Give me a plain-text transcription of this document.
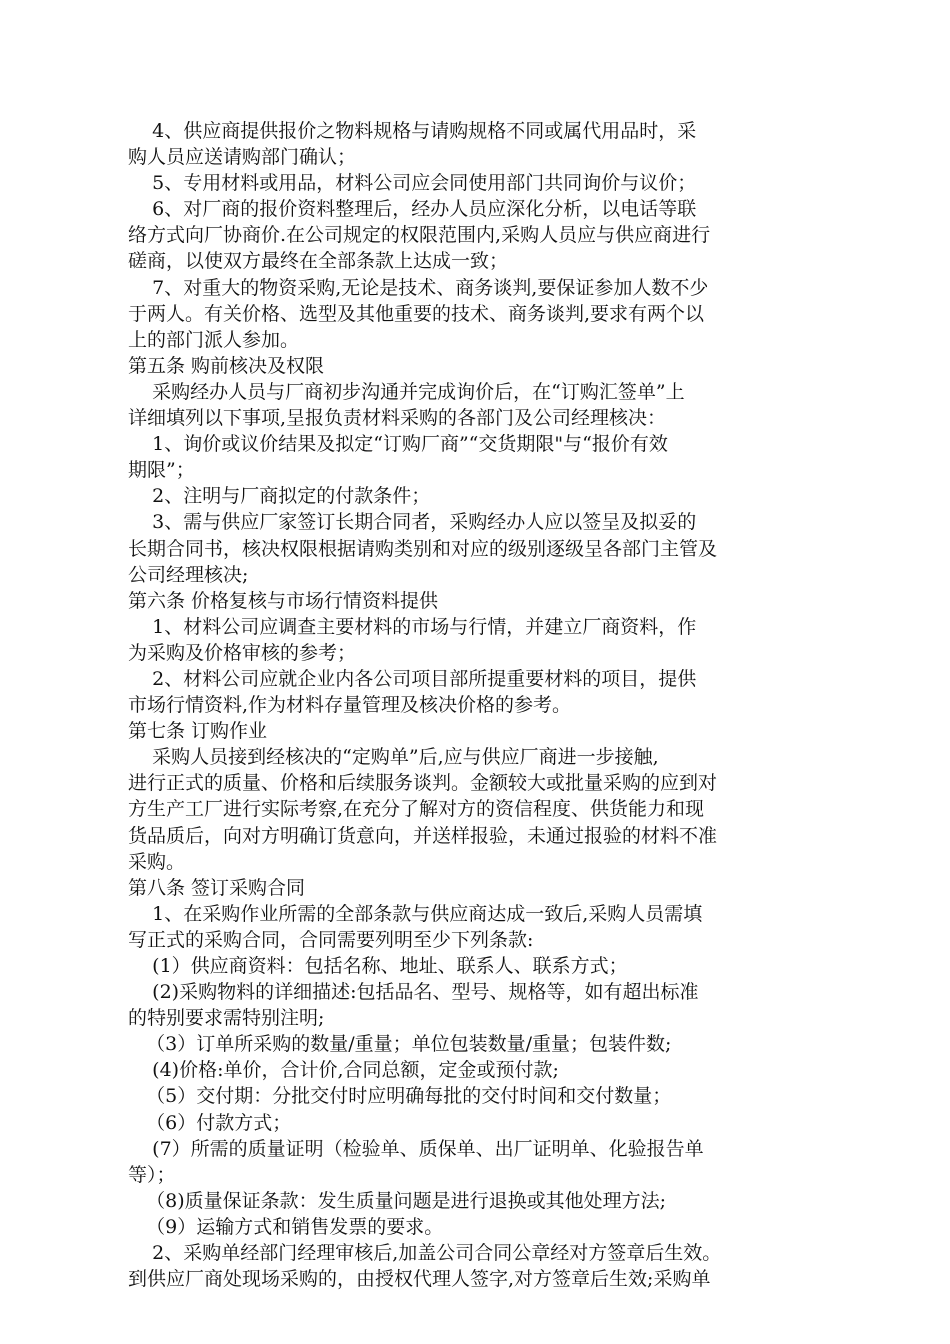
4、供应商提供报价之物料规格与请购规格不同或属代用品时，采
购人员应送请购部门确认；
5、专用材料或用品，材料公司应会同使用部门共同询价与议价；
6、对厂商的报价资料整理后，经办人员应深化分析，以电话等联
络方式向厂协商价.在公司规定的权限范围内,采购人员应与供应商进行
磋商，以使双方最终在全部条款上达成一致；
7、对重大的物资采购,无论是技术、商务谈判,要保证参加人数不少
于两人。有关价格、选型及其他重要的技术、商务谈判,要求有两个以
上的部门派人参加。
第五条 购前核决及权限
采购经办人员与厂商初步沟通并完成询价后，在“订购汇签单”上
详细填列以下事项,呈报负责材料采购的各部门及公司经理核决：
1、询价或议价结果及拟定“订购厂商”“交货期限"与“报价有效
期限”；
2、注明与厂商拟定的付款条件；
3、需与供应厂家签订长期合同者，采购经办人应以签呈及拟妥的
长期合同书，核决权限根据请购类别和对应的级别逐级呈各部门主管及
公司经理核决;
第六条 价格复核与市场行情资料提供
1、材料公司应调查主要材料的市场与行情，并建立厂商资料，作
为采购及价格审核的参考；
2、材料公司应就企业内各公司项目部所提重要材料的项目，提供
市场行情资料,作为材料存量管理及核决价格的参考。
第七条 订购作业
采购人员接到经核决的“定购单”后,应与供应厂商进一步接触,
进行正式的质量、价格和后续服务谈判。金额较大或批量采购的应到对
方生产工厂进行实际考察,在充分了解对方的资信程度、供货能力和现
货品质后，向对方明确订货意向，并送样报验，未通过报验的材料不准
采购。
第八条 签订采购合同
1、在采购作业所需的全部条款与供应商达成一致后,采购人员需填
写正式的采购合同，合同需要列明至少下列条款:
(1）供应商资料：包括名称、地址、联系人、联系方式；
(2)采购物料的详细描述:包括品名、型号、规格等，如有超出标准
的特别要求需特别注明;
（3）订单所采购的数量/重量；单位包装数量/重量；包装件数;
(4)价格:单价，合计价,合同总额，定金或预付款;
（5）交付期：分批交付时应明确每批的交付时间和交付数量；
（6）付款方式；
(7）所需的质量证明（检验单、质保单、出厂证明单、化验报告单
等）；
（8)质量保证条款：发生质量问题是进行退换或其他处理方法;
（9）运输方式和销售发票的要求。
2、采购单经部门经理审核后,加盖公司合同公章经对方签章后生效。
到供应厂商处现场采购的，由授权代理人签字,对方签章后生效;采购单
